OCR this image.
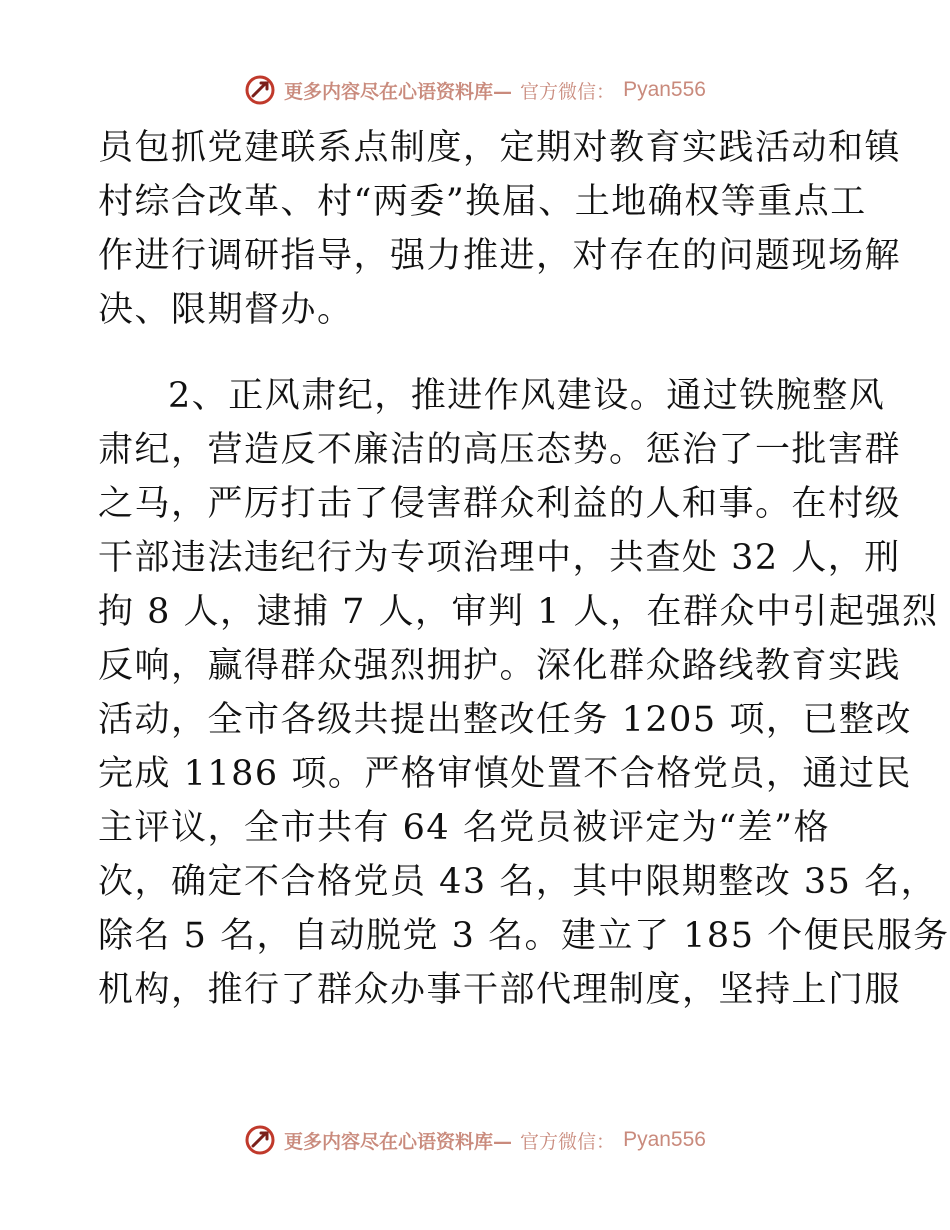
更多内容尽在心语资料库— 官方微信： Pyan556
员包抓党建联系点制度，定期对教育实践活动和镇
村综合改革、村“两委”换届、土地确权等重点工
作进行调研指导，强力推进，对存在的问题现场解
决、限期督办。
2、正风肃纪，推进作风建设。通过铁腕整风
肃纪，营造反不廉洁的高压态势。惩治了一批害群
之马，严厉打击了侵害群众利益的人和事。在村级
干部违法违纪行为专项治理中，共查处 32 人，刑
拘 8 人，逮捕 7 人，审判 1 人，在群众中引起强烈
反响，赢得群众强烈拥护。深化群众路线教育实践
活动，全市各级共提出整改任务 1205 项，已整改
完成 1186 项。严格审慎处置不合格党员，通过民
主评议，全市共有 64 名党员被评定为“差”格
次，确定不合格党员 43 名，其中限期整改 35 名，
除名 5 名，自动脱党 3 名。建立了 185 个便民服务
机构，推行了群众办事干部代理制度，坚持上门服
更多内容尽在心语资料库— 官方微信： Pyan556
